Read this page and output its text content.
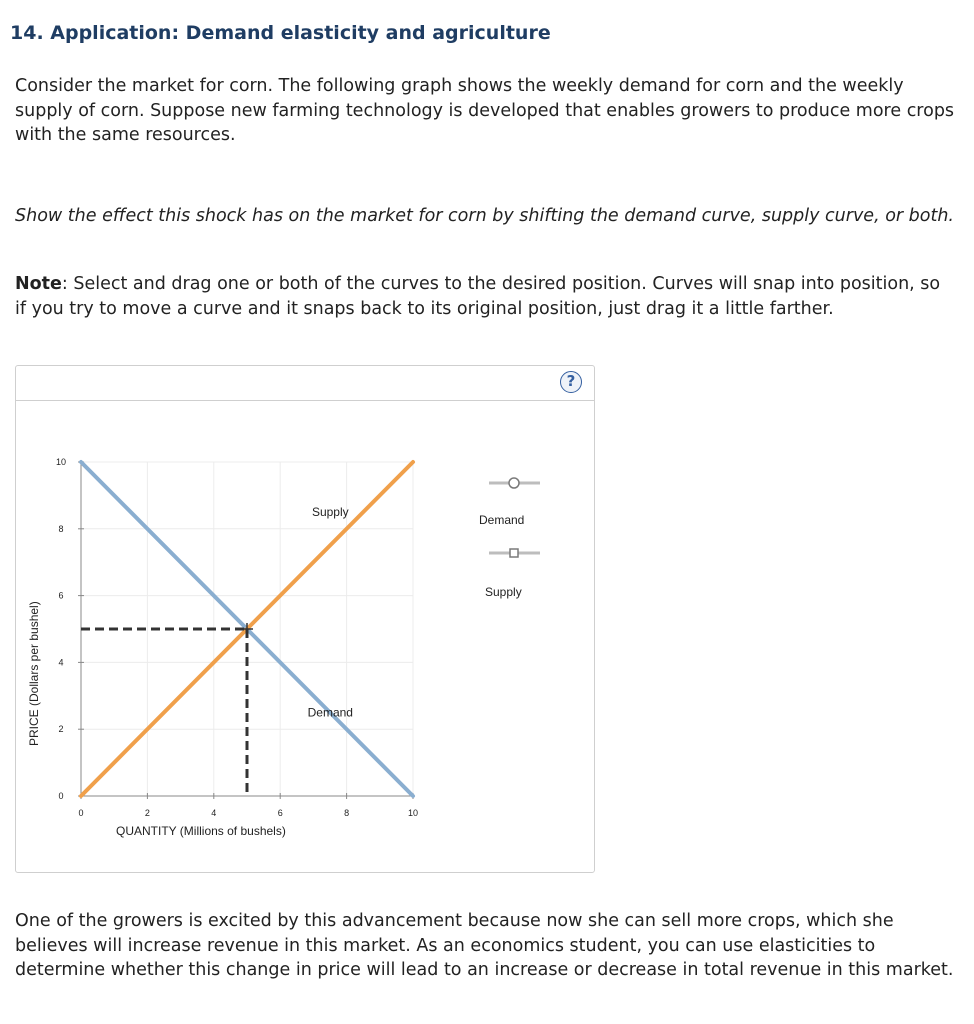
14. Application: Demand elasticity and agriculture

Consider the market for corn. The following graph shows the weekly demand for corn and the weekly supply of corn. Suppose new farming technology is developed that enables growers to produce more crops with the same resources.

Show the effect this shock has on the market for corn by shifting the demand curve, supply curve, or both.

Note: Select and drag one or both of the curves to the desired position. Curves will snap into position, so if you try to move a curve and it snaps back to its original position, just drag it a little farther.

?
0	2	4	6	8	10
0
2
4
6
8
10
Demand
Supply
QUANTITY (Millions of bushels)
PRICE (Dollars per bushel)
Demand
Supply

One of the growers is excited by this advancement because now she can sell more crops, which she believes will increase revenue in this market. As an economics student, you can use elasticities to determine whether this change in price will lead to an increase or decrease in total revenue in this market.
